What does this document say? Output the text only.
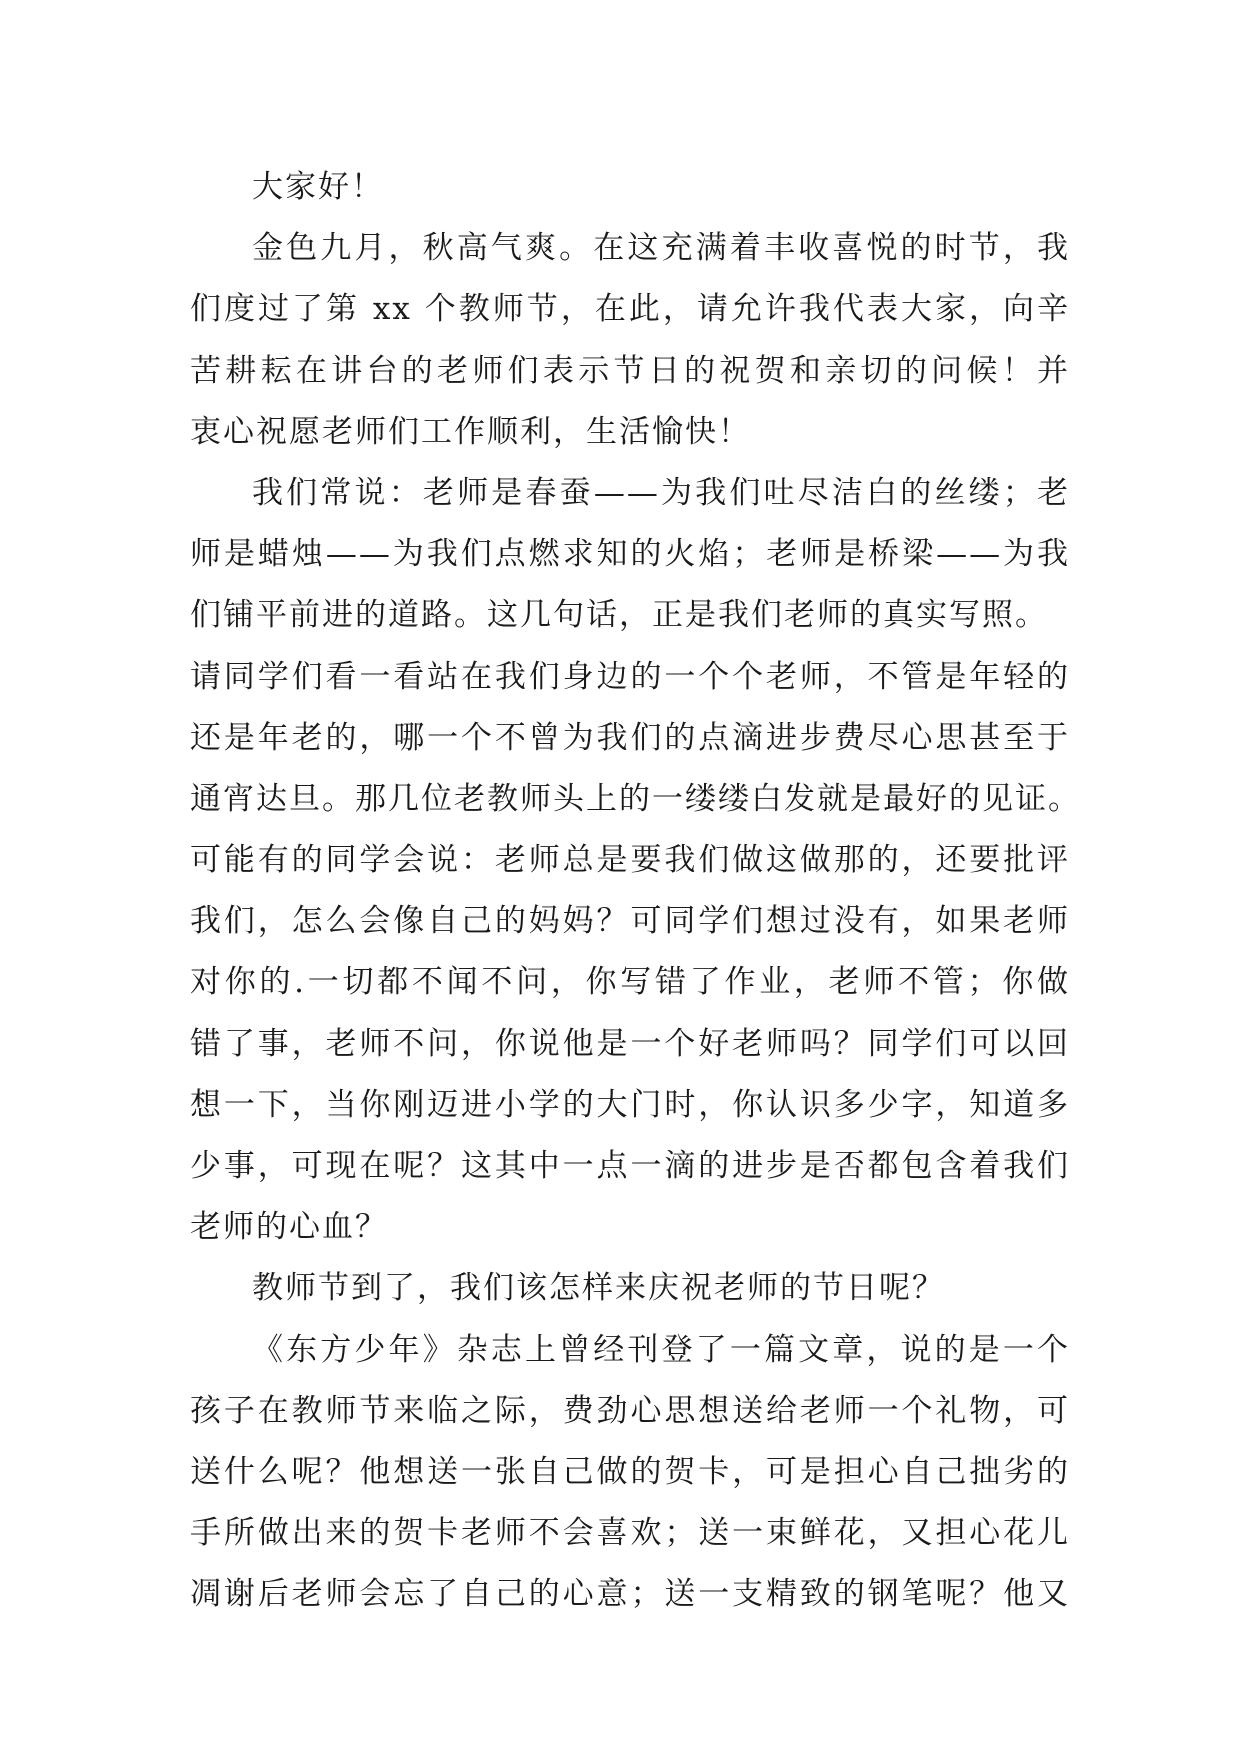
大家好！
金色九月，秋高气爽。在这充满着丰收喜悦的时节，我
们度过了第 xx 个教师节，在此，请允许我代表大家，向辛
苦耕耘在讲台的老师们表示节日的祝贺和亲切的问候！并
衷心祝愿老师们工作顺利，生活愉快！
我们常说：老师是春蚕——为我们吐尽洁白的丝缕；老
师是蜡烛——为我们点燃求知的火焰；老师是桥梁——为我
们铺平前进的道路。这几句话，正是我们老师的真实写照。
请同学们看一看站在我们身边的一个个老师，不管是年轻的
还是年老的，哪一个不曾为我们的点滴进步费尽心思甚至于
通宵达旦。那几位老教师头上的一缕缕白发就是最好的见证。
可能有的同学会说：老师总是要我们做这做那的，还要批评
我们，怎么会像自己的妈妈？可同学们想过没有，如果老师
对你的.一切都不闻不问，你写错了作业，老师不管；你做
错了事，老师不问，你说他是一个好老师吗？同学们可以回
想一下，当你刚迈进小学的大门时，你认识多少字，知道多
少事，可现在呢？这其中一点一滴的进步是否都包含着我们
老师的心血？
教师节到了，我们该怎样来庆祝老师的节日呢？
《东方少年》杂志上曾经刊登了一篇文章，说的是一个
孩子在教师节来临之际，费劲心思想送给老师一个礼物，可
送什么呢？他想送一张自己做的贺卡，可是担心自己拙劣的
手所做出来的贺卡老师不会喜欢；送一束鲜花，又担心花儿
凋谢后老师会忘了自己的心意；送一支精致的钢笔呢？他又
